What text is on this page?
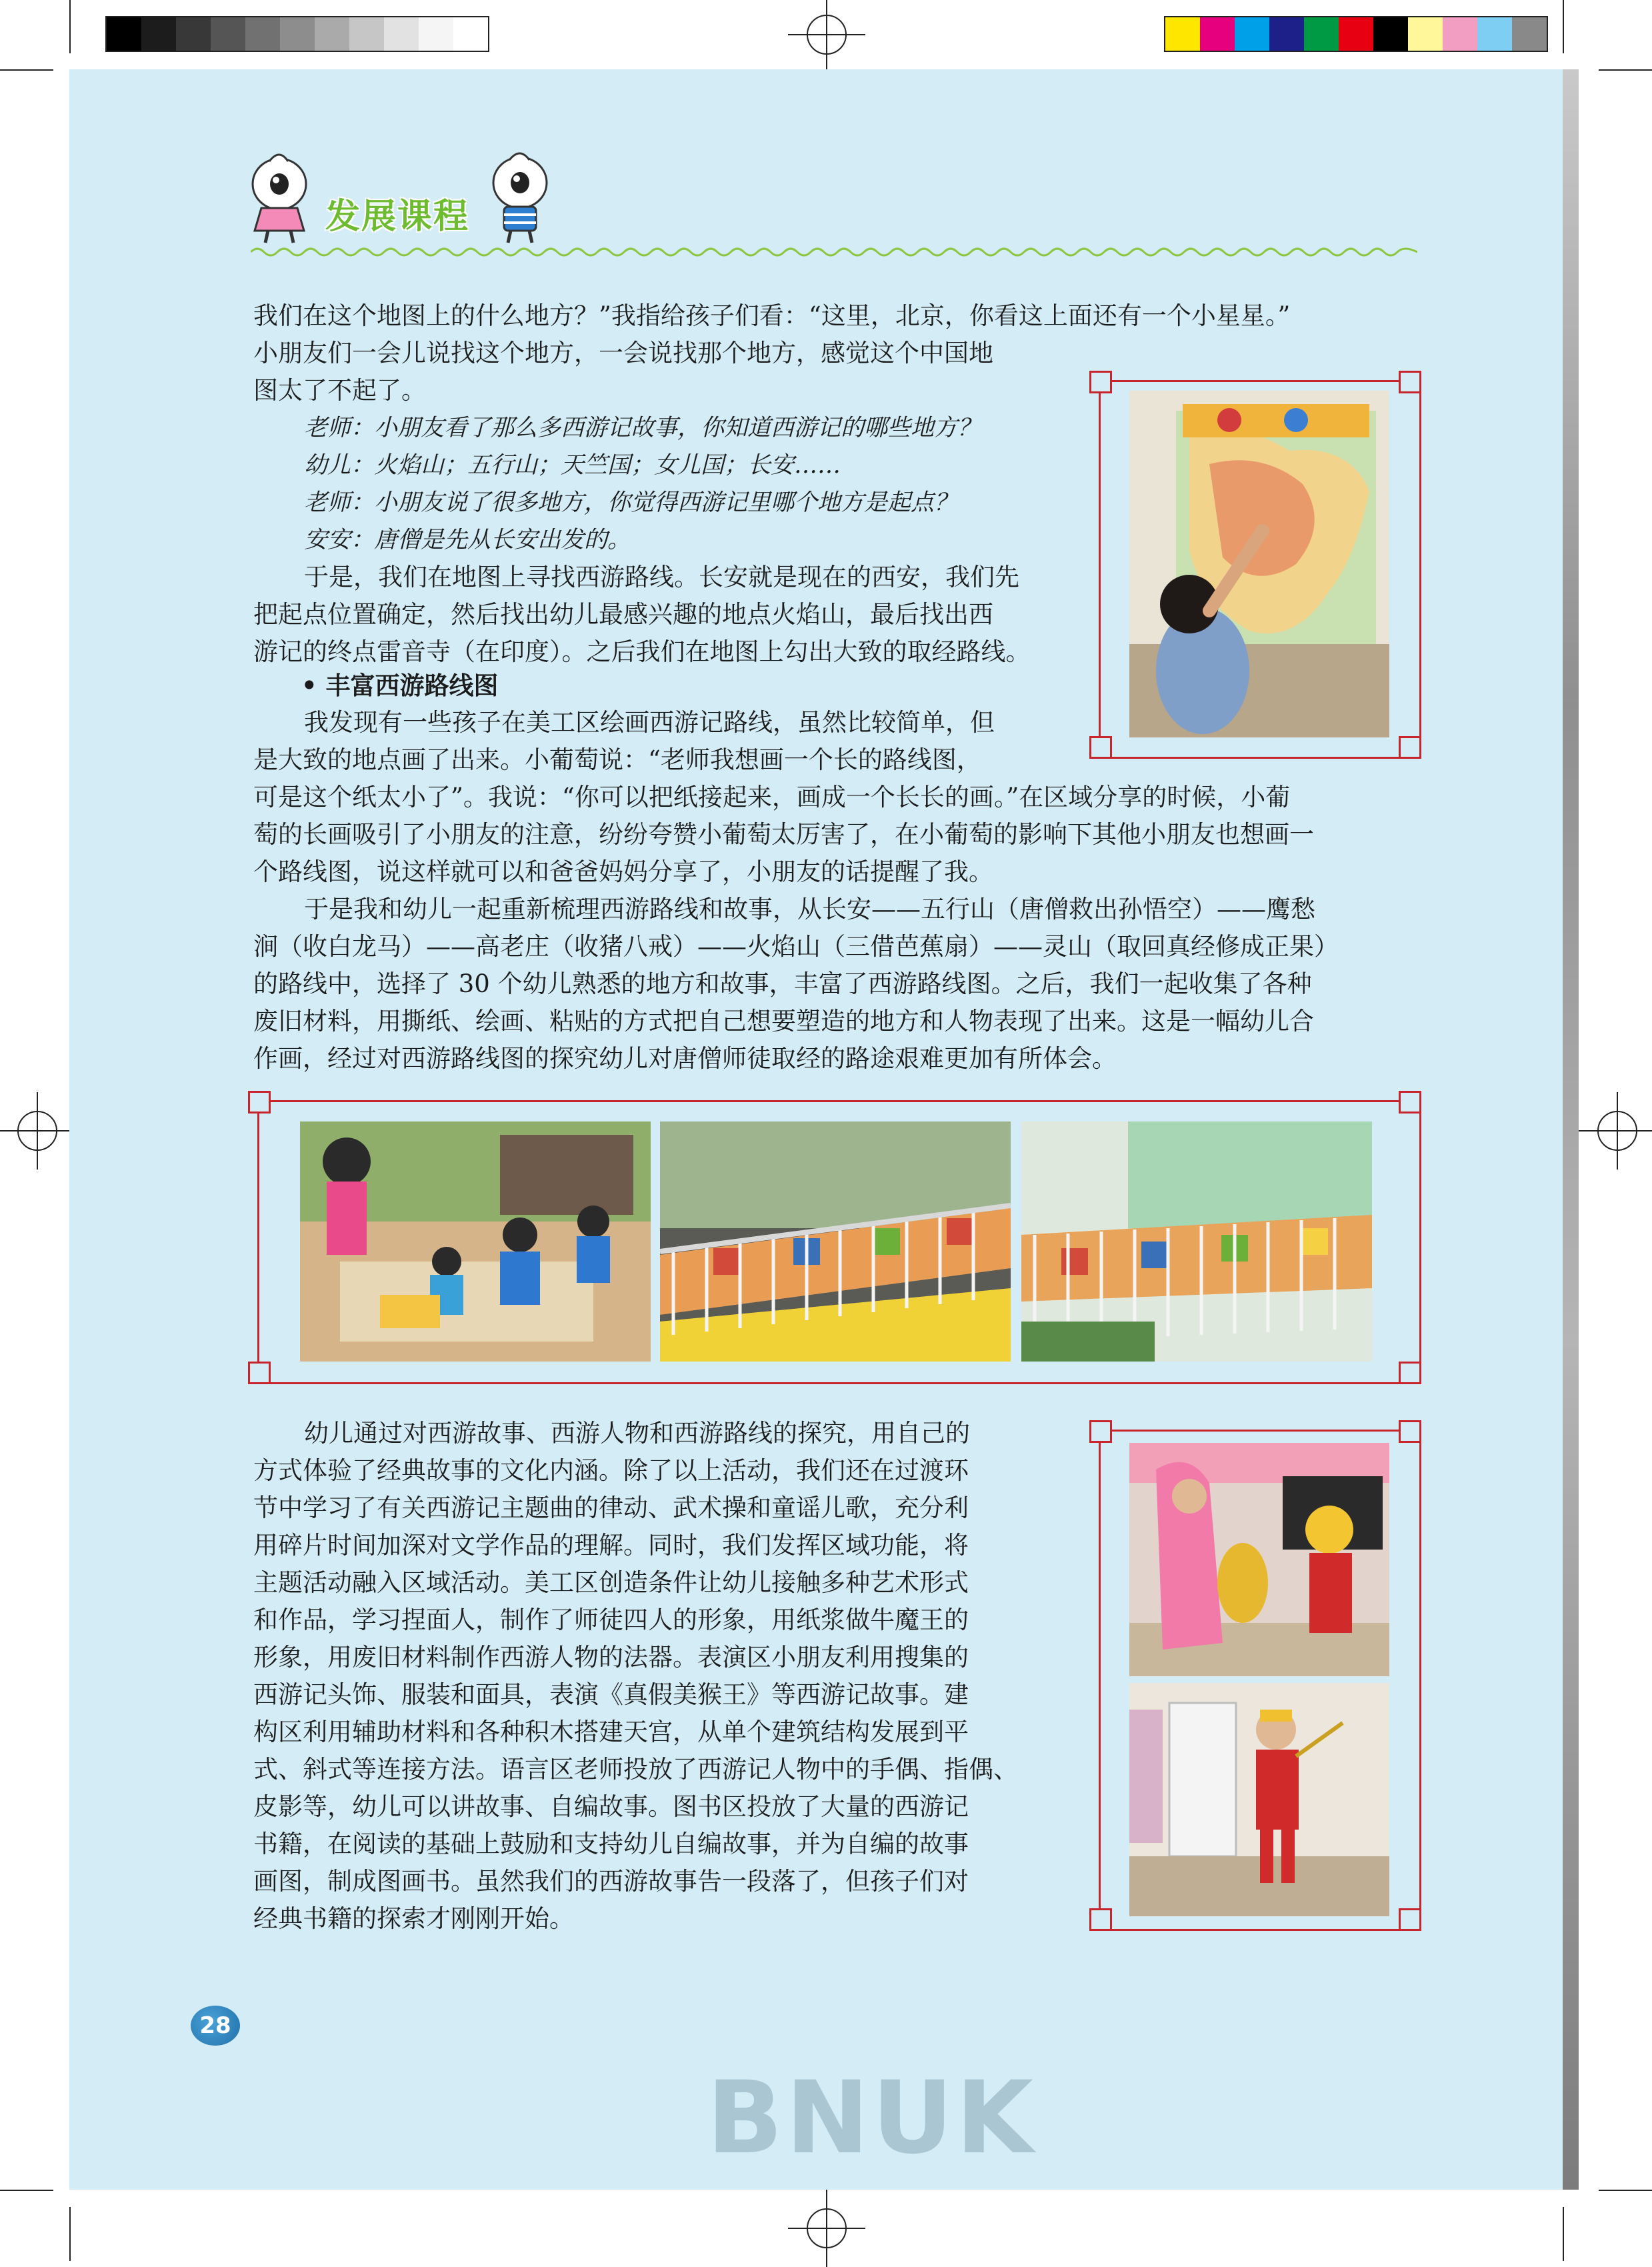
发展课程
我们在这个地图上的什么地方？”我指给孩子们看：“这里，北京，你看这上面还有一个小星星。”
小朋友们一会儿说找这个地方，一会说找那个地方，感觉这个中国地
图太了不起了。
老师：小朋友看了那么多西游记故事，你知道西游记的哪些地方？
幼儿：火焰山；五行山；天竺国；女儿国；长安……
老师：小朋友说了很多地方，你觉得西游记里哪个地方是起点？
安安：唐僧是先从长安出发的。
于是，我们在地图上寻找西游路线。长安就是现在的西安，我们先
把起点位置确定，然后找出幼儿最感兴趣的地点火焰山，最后找出西
游记的终点雷音寺（在印度）。之后我们在地图上勾出大致的取经路线。
• 丰富西游路线图
我发现有一些孩子在美工区绘画西游记路线，虽然比较简单，但
是大致的地点画了出来。小葡萄说：“老师我想画一个长的路线图，
可是这个纸太小了”。我说：“你可以把纸接起来，画成一个长长的画。”在区域分享的时候，小葡
萄的长画吸引了小朋友的注意，纷纷夸赞小葡萄太厉害了，在小葡萄的影响下其他小朋友也想画一
个路线图，说这样就可以和爸爸妈妈分享了，小朋友的话提醒了我。
于是我和幼儿一起重新梳理西游路线和故事，从长安——五行山（唐僧救出孙悟空）——鹰愁
涧（收白龙马）——高老庄（收猪八戒）——火焰山（三借芭蕉扇）——灵山（取回真经修成正果）
的路线中，选择了 30 个幼儿熟悉的地方和故事，丰富了西游路线图。之后，我们一起收集了各种
废旧材料，用撕纸、绘画、粘贴的方式把自己想要塑造的地方和人物表现了出来。这是一幅幼儿合
作画，经过对西游路线图的探究幼儿对唐僧师徒取经的路途艰难更加有所体会。
幼儿通过对西游故事、西游人物和西游路线的探究，用自己的
方式体验了经典故事的文化内涵。除了以上活动，我们还在过渡环
节中学习了有关西游记主题曲的律动、武术操和童谣儿歌，充分利
用碎片时间加深对文学作品的理解。同时，我们发挥区域功能，将
主题活动融入区域活动。美工区创造条件让幼儿接触多种艺术形式
和作品，学习捏面人，制作了师徒四人的形象，用纸浆做牛魔王的
形象，用废旧材料制作西游人物的法器。表演区小朋友利用搜集的
西游记头饰、服装和面具，表演《真假美猴王》等西游记故事。建
构区利用辅助材料和各种积木搭建天宫，从单个建筑结构发展到平
式、斜式等连接方法。语言区老师投放了西游记人物中的手偶、指偶、
皮影等，幼儿可以讲故事、自编故事。图书区投放了大量的西游记
书籍，在阅读的基础上鼓励和支持幼儿自编故事，并为自编的故事
画图，制成图画书。虽然我们的西游故事告一段落了，但孩子们对
经典书籍的探索才刚刚开始。
28
BNUK
